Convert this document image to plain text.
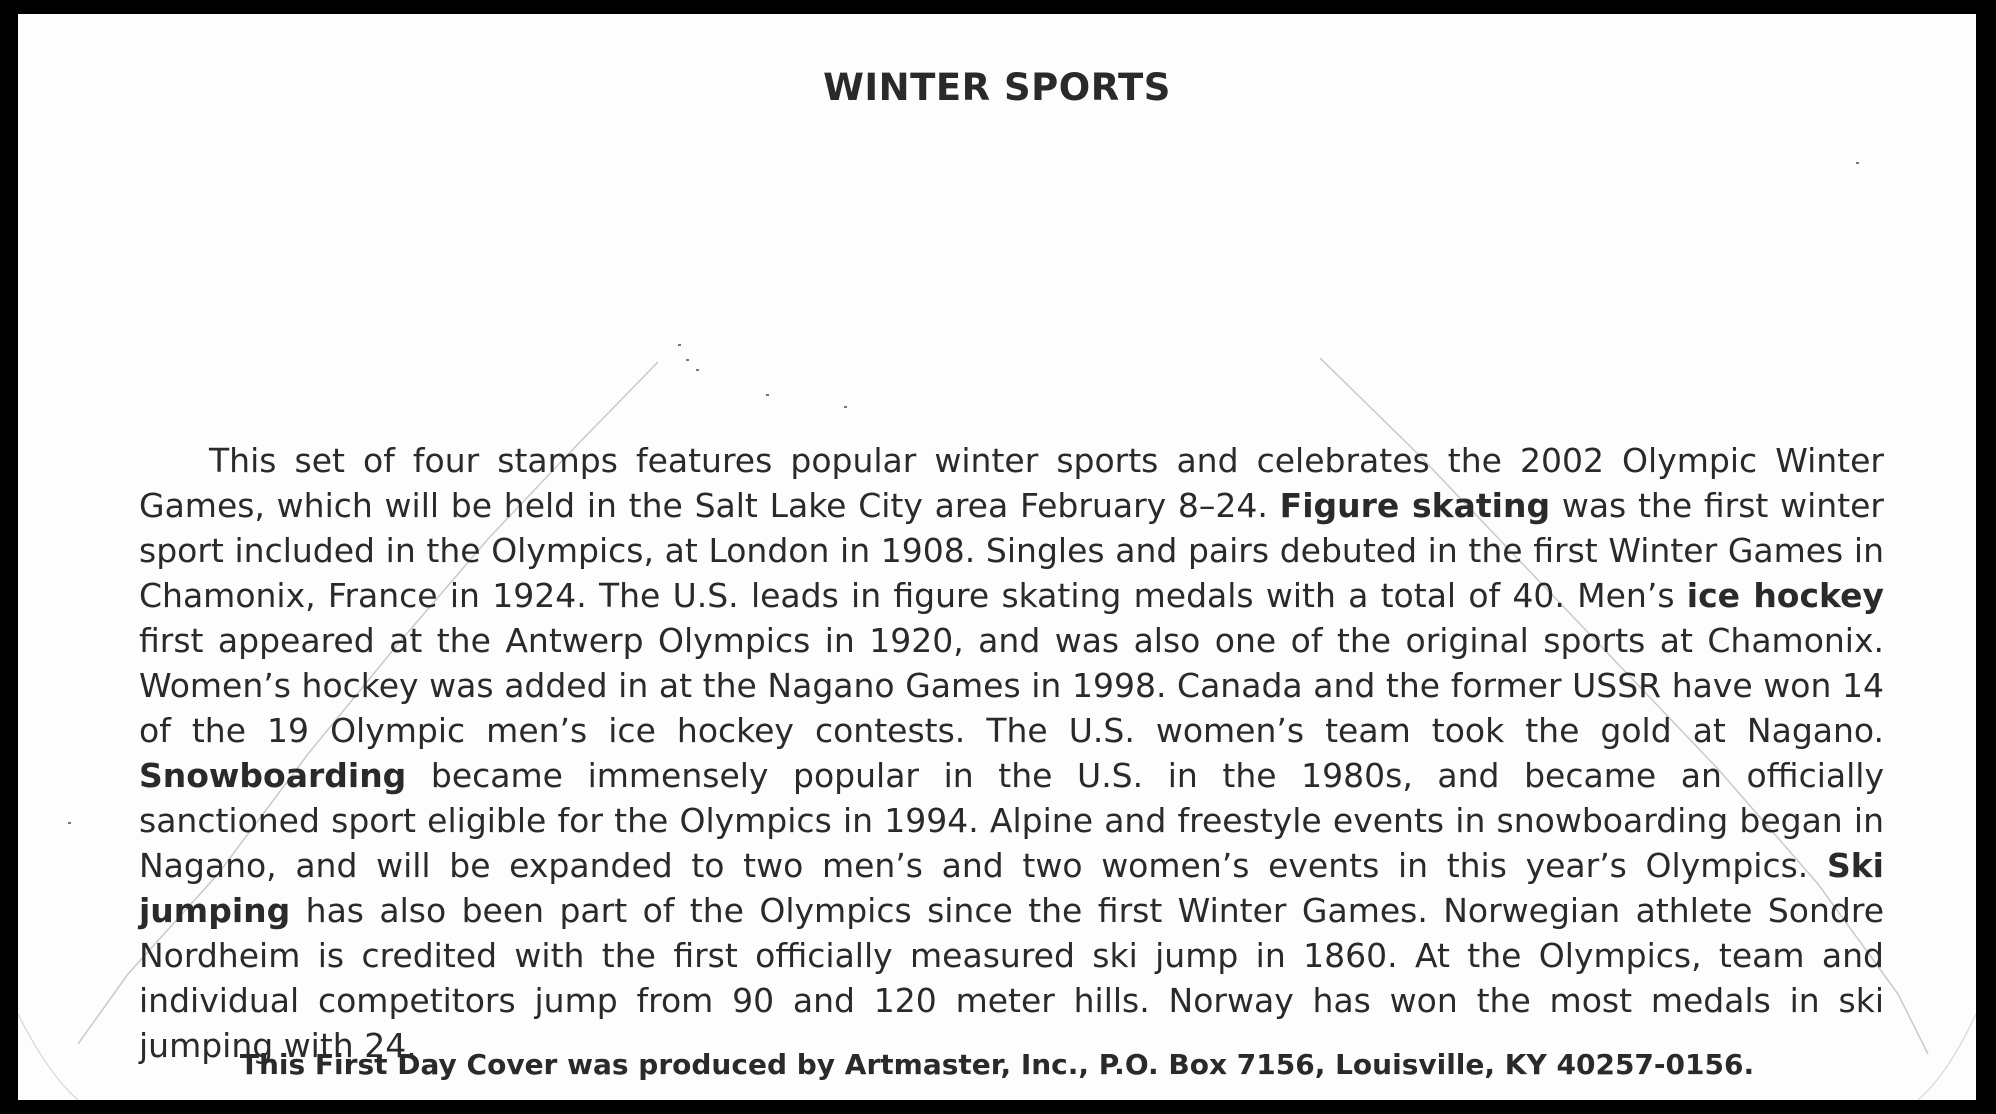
WINTER SPORTS
This set of four stamps features popular winter sports and celebrates the 2002 Olympic Winter Games, which will be held in the Salt Lake City area February 8–24. Figure skating was the first winter sport included in the Olympics, at London in 1908. Singles and pairs debuted in the first Winter Games in Chamonix, France in 1924. The U.S. leads in figure skating medals with a total of 40. Men’s ice hockey first appeared at the Antwerp Olympics in 1920, and was also one of the original sports at Chamonix. Women’s hockey was added in at the Nagano Games in 1998. Canada and the former USSR have won 14 of the 19 Olympic men’s ice hockey contests. The U.S. women’s team took the gold at Nagano. Snowboarding became immensely popular in the U.S. in the 1980s, and became an officially sanctioned sport eligible for the Olympics in 1994. Alpine and freestyle events in snowboarding began in Nagano, and will be expanded to two men’s and two women’s events in this year’s Olympics. Ski jumping has also been part of the Olympics since the first Winter Games. Norwegian athlete Sondre Nordheim is credited with the first officially measured ski jump in 1860. At the Olympics, team and individual competitors jump from 90 and 120 meter hills. Norway has won the most medals in ski jumping with 24.
This First Day Cover was produced by Artmaster, Inc., P.O. Box 7156, Louisville, KY 40257-0156.
